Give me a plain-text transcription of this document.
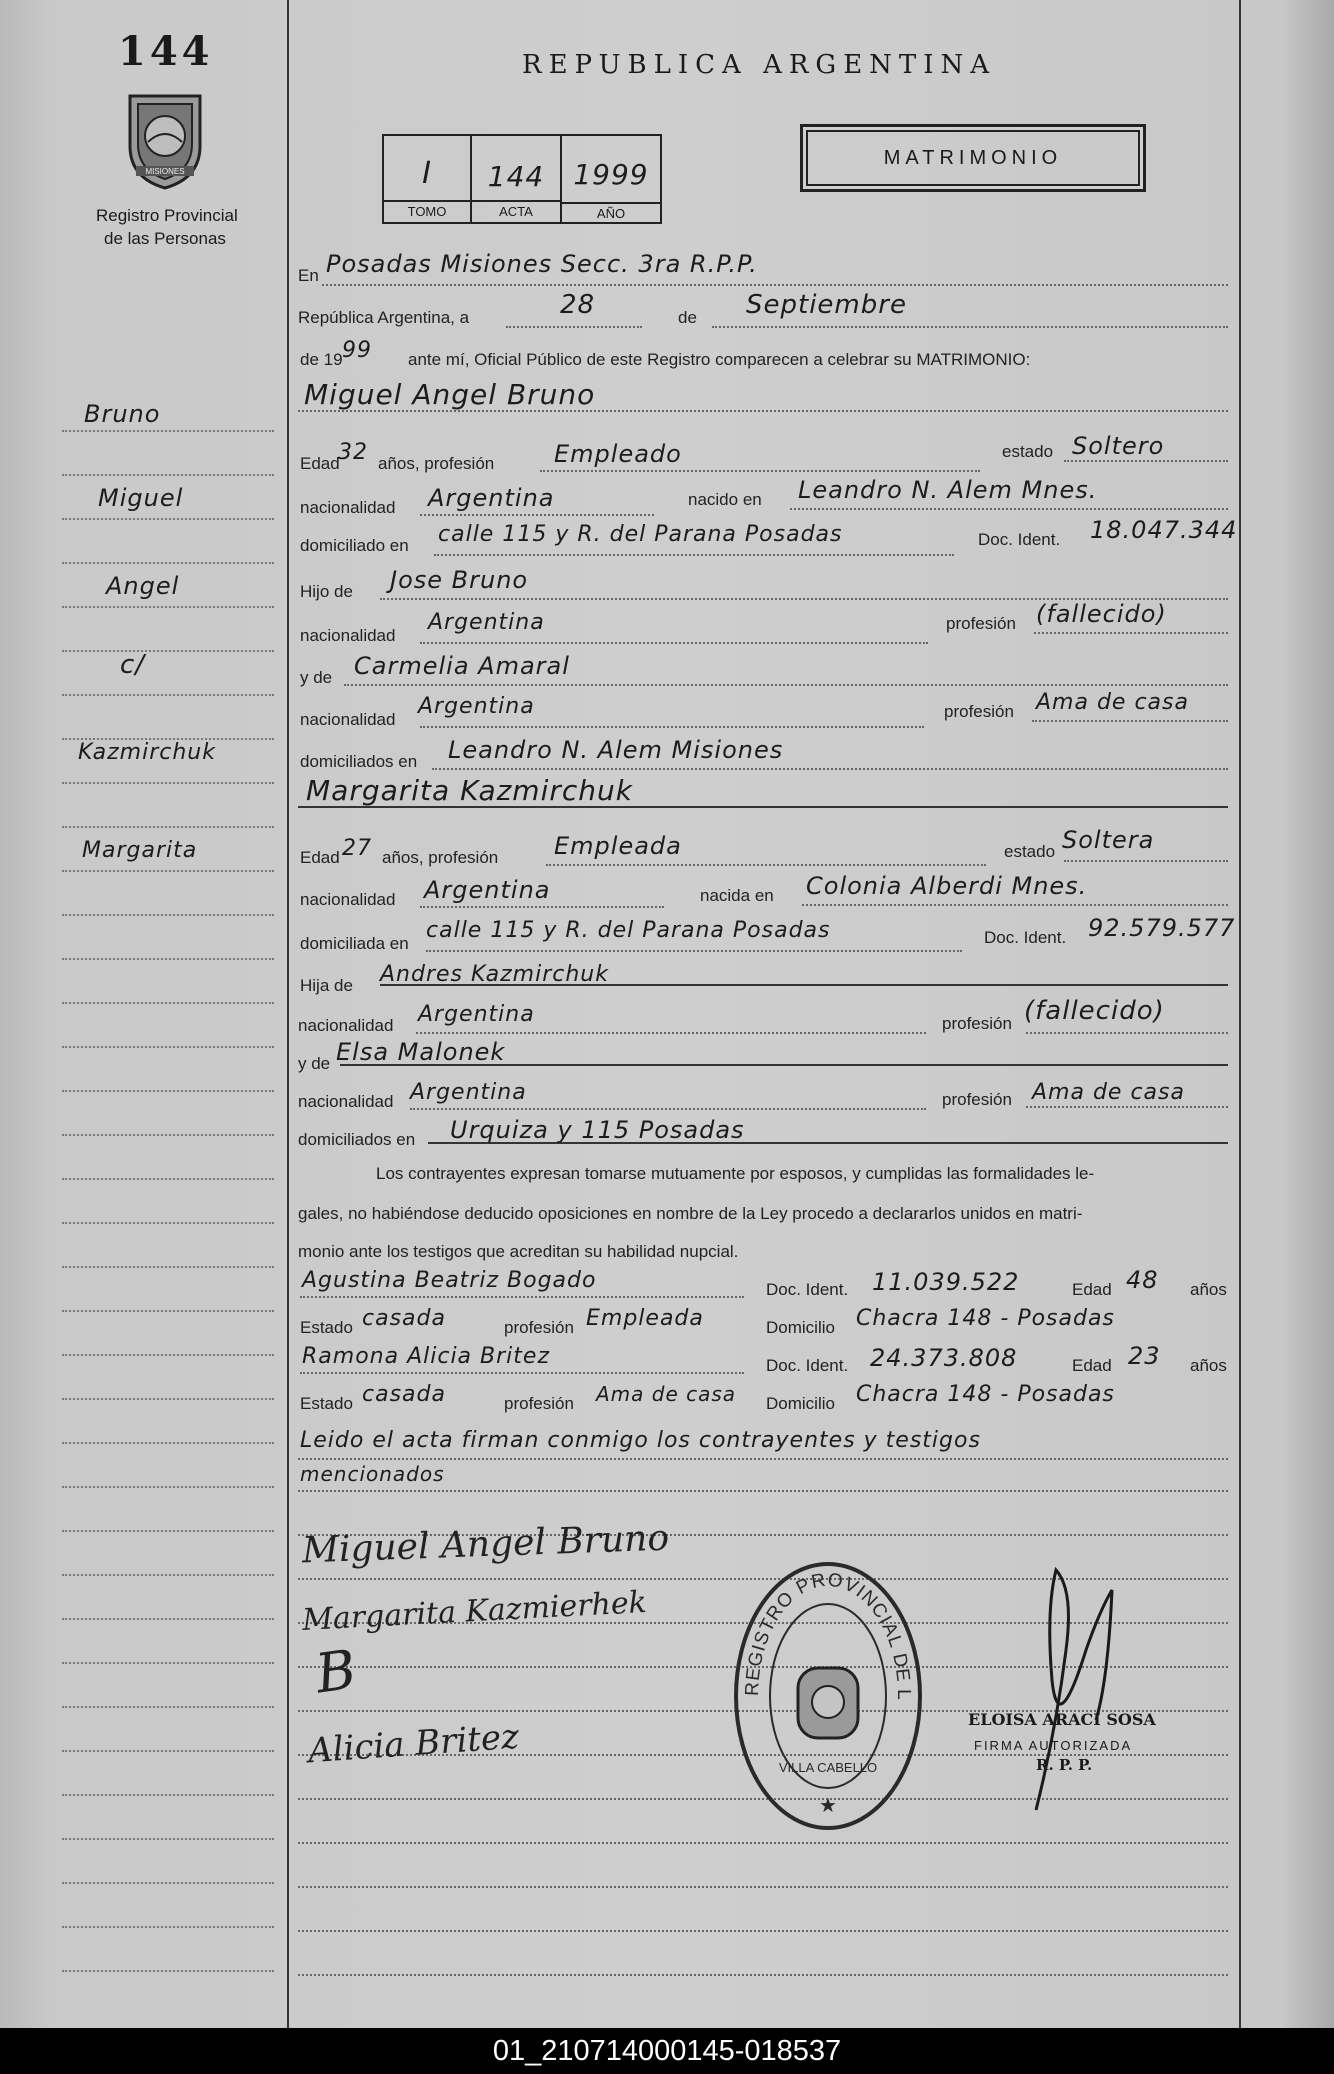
144
MISIONES
Registro Provincial
de las Personas
REPUBLICA ARGENTINA
I
TOMO
144
ACTA
1999
AÑO
MATRIMONIO
Bruno
Miguel
Angel
c/
Kazmirchuk
Margarita
En Posadas Misiones Secc. 3ra R.P.P.
República Argentina, a	28	de Septiembre
de 19 99 ante mí, Oficial Público de este Registro comparecen a celebrar su MATRIMONIO:
Miguel Angel Bruno
Edad
32 años, profesión Empleado	estado Soltero
nacionalidad Argentina	nacido en Leandro N. Alem Mnes.
domiciliado en calle 115 y R. del Parana Posadas	Doc. Ident. 18.047.344
Hijo de Jose Bruno
nacionalidad
Argentina	profesión (fallecido)
y de Carmelia Amaral
nacionalidad
Argentina	profesión Ama de casa
domiciliados en Leandro N. Alem Misiones
Margarita Kazmirchuk
Edad 27 años, profesión Empleada	estado Soltera
nacionalidad Argentina	nacida en Colonia Alberdi Mnes.
domiciliada en
calle 115 y R. del Parana Posadas	Doc. Ident. 92.579.577
Hija de Andres Kazmirchuk
nacionalidad Argentina	profesión (fallecido)
y de Elsa Malonek
nacionalidad Argentina	profesión Ama de casa
domiciliados en Urquiza y 115 Posadas
Los contrayentes expresan tomarse mutuamente por esposos, y cumplidas las formalidades le-
gales, no habiéndose deducido oposiciones en nombre de la Ley procedo a declararlos unidos en matri-
monio ante los testigos que acreditan su habilidad nupcial.
Agustina Beatriz Bogado	Doc. Ident. 11.039.522	Edad 48 años
Estado casada	profesión Empleada	Domicilio Chacra 148 - Posadas
Ramona Alicia Britez	Doc. Ident. 24.373.808	Edad 23 años
Estado casada	profesión Ama de casa Domicilio Chacra 148 - Posadas
Leido el acta firman conmigo los contrayentes y testigos
mencionados
Miguel Angel Bruno
Margarita Kazmierhek
B
Alicia Britez
REGISTRO PROVINCIAL DE L
VILLA CABELLO
★
ELOISA ARACI SOSA
FIRMA AUTORIZADA
R. P. P.
01_210714000145-018537
